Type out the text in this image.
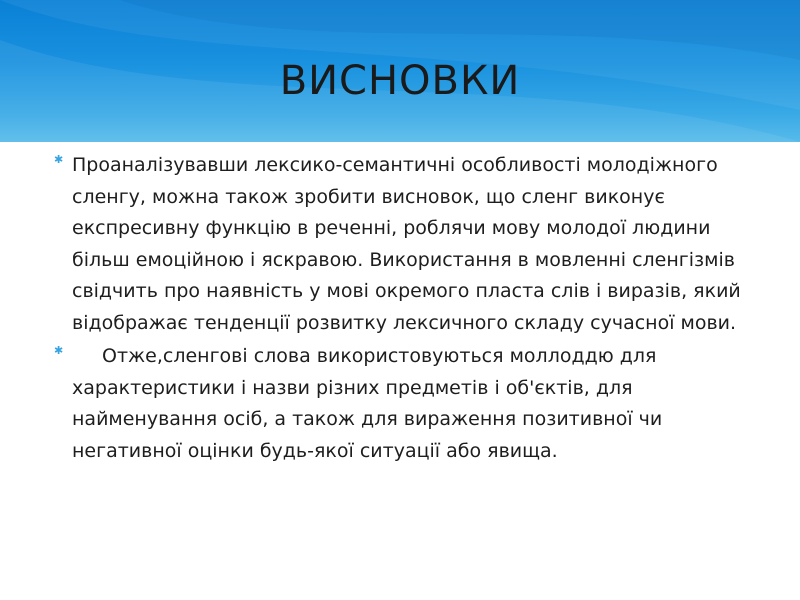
ВИСНОВКИ
✱ Проаналізувавши лексико-семантичні особливості молодіжного сленгу, можна також зробити висновок, що сленг виконує експресивну функцію в реченні, роблячи мову молодої людини більш емоційною і яскравою. Використання в мовленні сленгізмів свідчить про наявність у мові окремого пласта слів і виразів, який відображає тенденції розвитку лексичного складу сучасної мови.
✱ Отже,сленгові слова використовуються моллоддю для характеристики і назви різних предметів і об'єктів, для найменування осіб, а також для вираження позитивної чи негативної оцінки будь-якої ситуації або явища.
